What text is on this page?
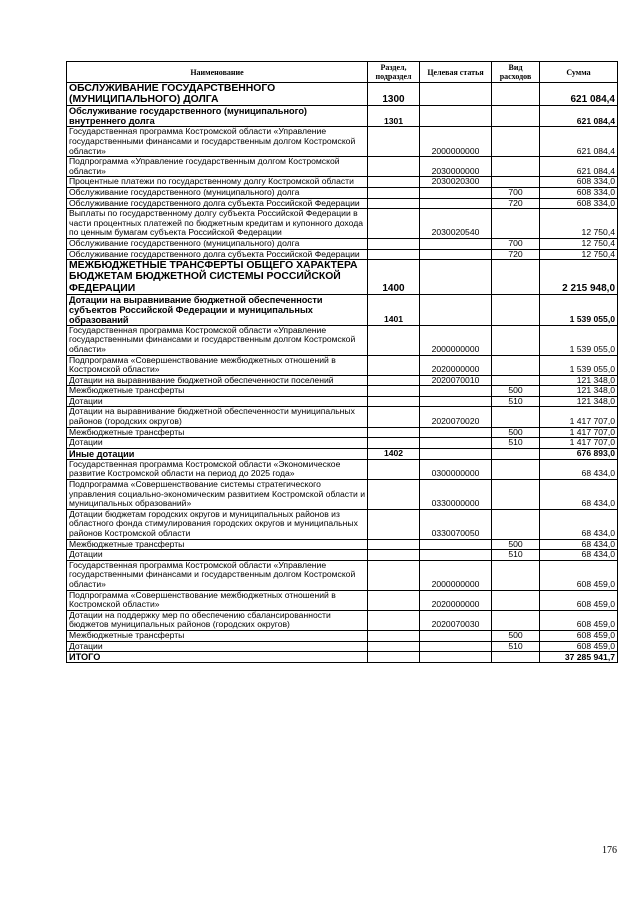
Наименование	Раздел, подраздел	Целевая статья	Вид расходов	Сумма
ОБСЛУЖИВАНИЕ ГОСУДАРСТВЕННОГО (МУНИЦИПАЛЬНОГО) ДОЛГА	1300			621 084,4
Обслуживание государственного (муниципального) внутреннего долга	1301			621 084,4
Государственная программа Костромской области «Управление государственными финансами и государственным долгом Костромской области»		2000000000		621 084,4
Подпрограмма «Управление государственным долгом Костромской области»		2030000000		621 084,4
Процентные платежи по государственному долгу Костромской области		2030020300		608 334,0
Обслуживание государственного (муниципального) долга			700	608 334,0
Обслуживание государственного долга субъекта Российской Федерации			720	608 334,0
Выплаты по государственному долгу субъекта Российской Федерации в части процентных платежей по бюджетным кредитам и купонного дохода по ценным бумагам субъекта Российской Федерации		2030020540		12 750,4
Обслуживание государственного (муниципального) долга			700	12 750,4
Обслуживание государственного долга субъекта Российской Федерации			720	12 750,4
МЕЖБЮДЖЕТНЫЕ ТРАНСФЕРТЫ ОБЩЕГО ХАРАКТЕРА БЮДЖЕТАМ БЮДЖЕТНОЙ СИСТЕМЫ РОССИЙСКОЙ ФЕДЕРАЦИИ	1400			2 215 948,0
Дотации на выравнивание бюджетной обеспеченности субъектов Российской Федерации и муниципальных образований	1401			1 539 055,0
Государственная программа Костромской области «Управление государственными финансами и государственным долгом Костромской области»		2000000000		1 539 055,0
Подпрограмма «Совершенствование межбюджетных отношений в Костромской области»		2020000000		1 539 055,0
Дотации на выравнивание бюджетной обеспеченности поселений		2020070010		121 348,0
Межбюджетные трансферты			500	121 348,0
Дотации			510	121 348,0
Дотации на выравнивание бюджетной обеспеченности муниципальных районов (городских округов)		2020070020		1 417 707,0
Межбюджетные трансферты			500	1 417 707,0
Дотации			510	1 417 707,0
Иные дотации	1402			676 893,0
Государственная программа Костромской области «Экономическое развитие Костромской области на период до 2025 года»		0300000000		68 434,0
Подпрограмма «Совершенствование системы стратегического управления социально-экономическим развитием Костромской области и муниципальных образований»		0330000000		68 434,0
Дотации бюджетам городских округов и муниципальных районов из областного фонда стимулирования городских округов и муниципальных районов Костромской области		0330070050		68 434,0
Межбюджетные трансферты			500	68 434,0
Дотации			510	68 434,0
Государственная программа Костромской области «Управление государственными финансами и государственным долгом Костромской области»		2000000000		608 459,0
Подпрограмма «Совершенствование межбюджетных отношений в Костромской области»		2020000000		608 459,0
Дотации на поддержку мер по обеспечению сбалансированности бюджетов муниципальных районов (городских округов)		2020070030		608 459,0
Межбюджетные трансферты			500	608 459,0
Дотации			510	608 459,0
ИТОГО				37 285 941,7
176
